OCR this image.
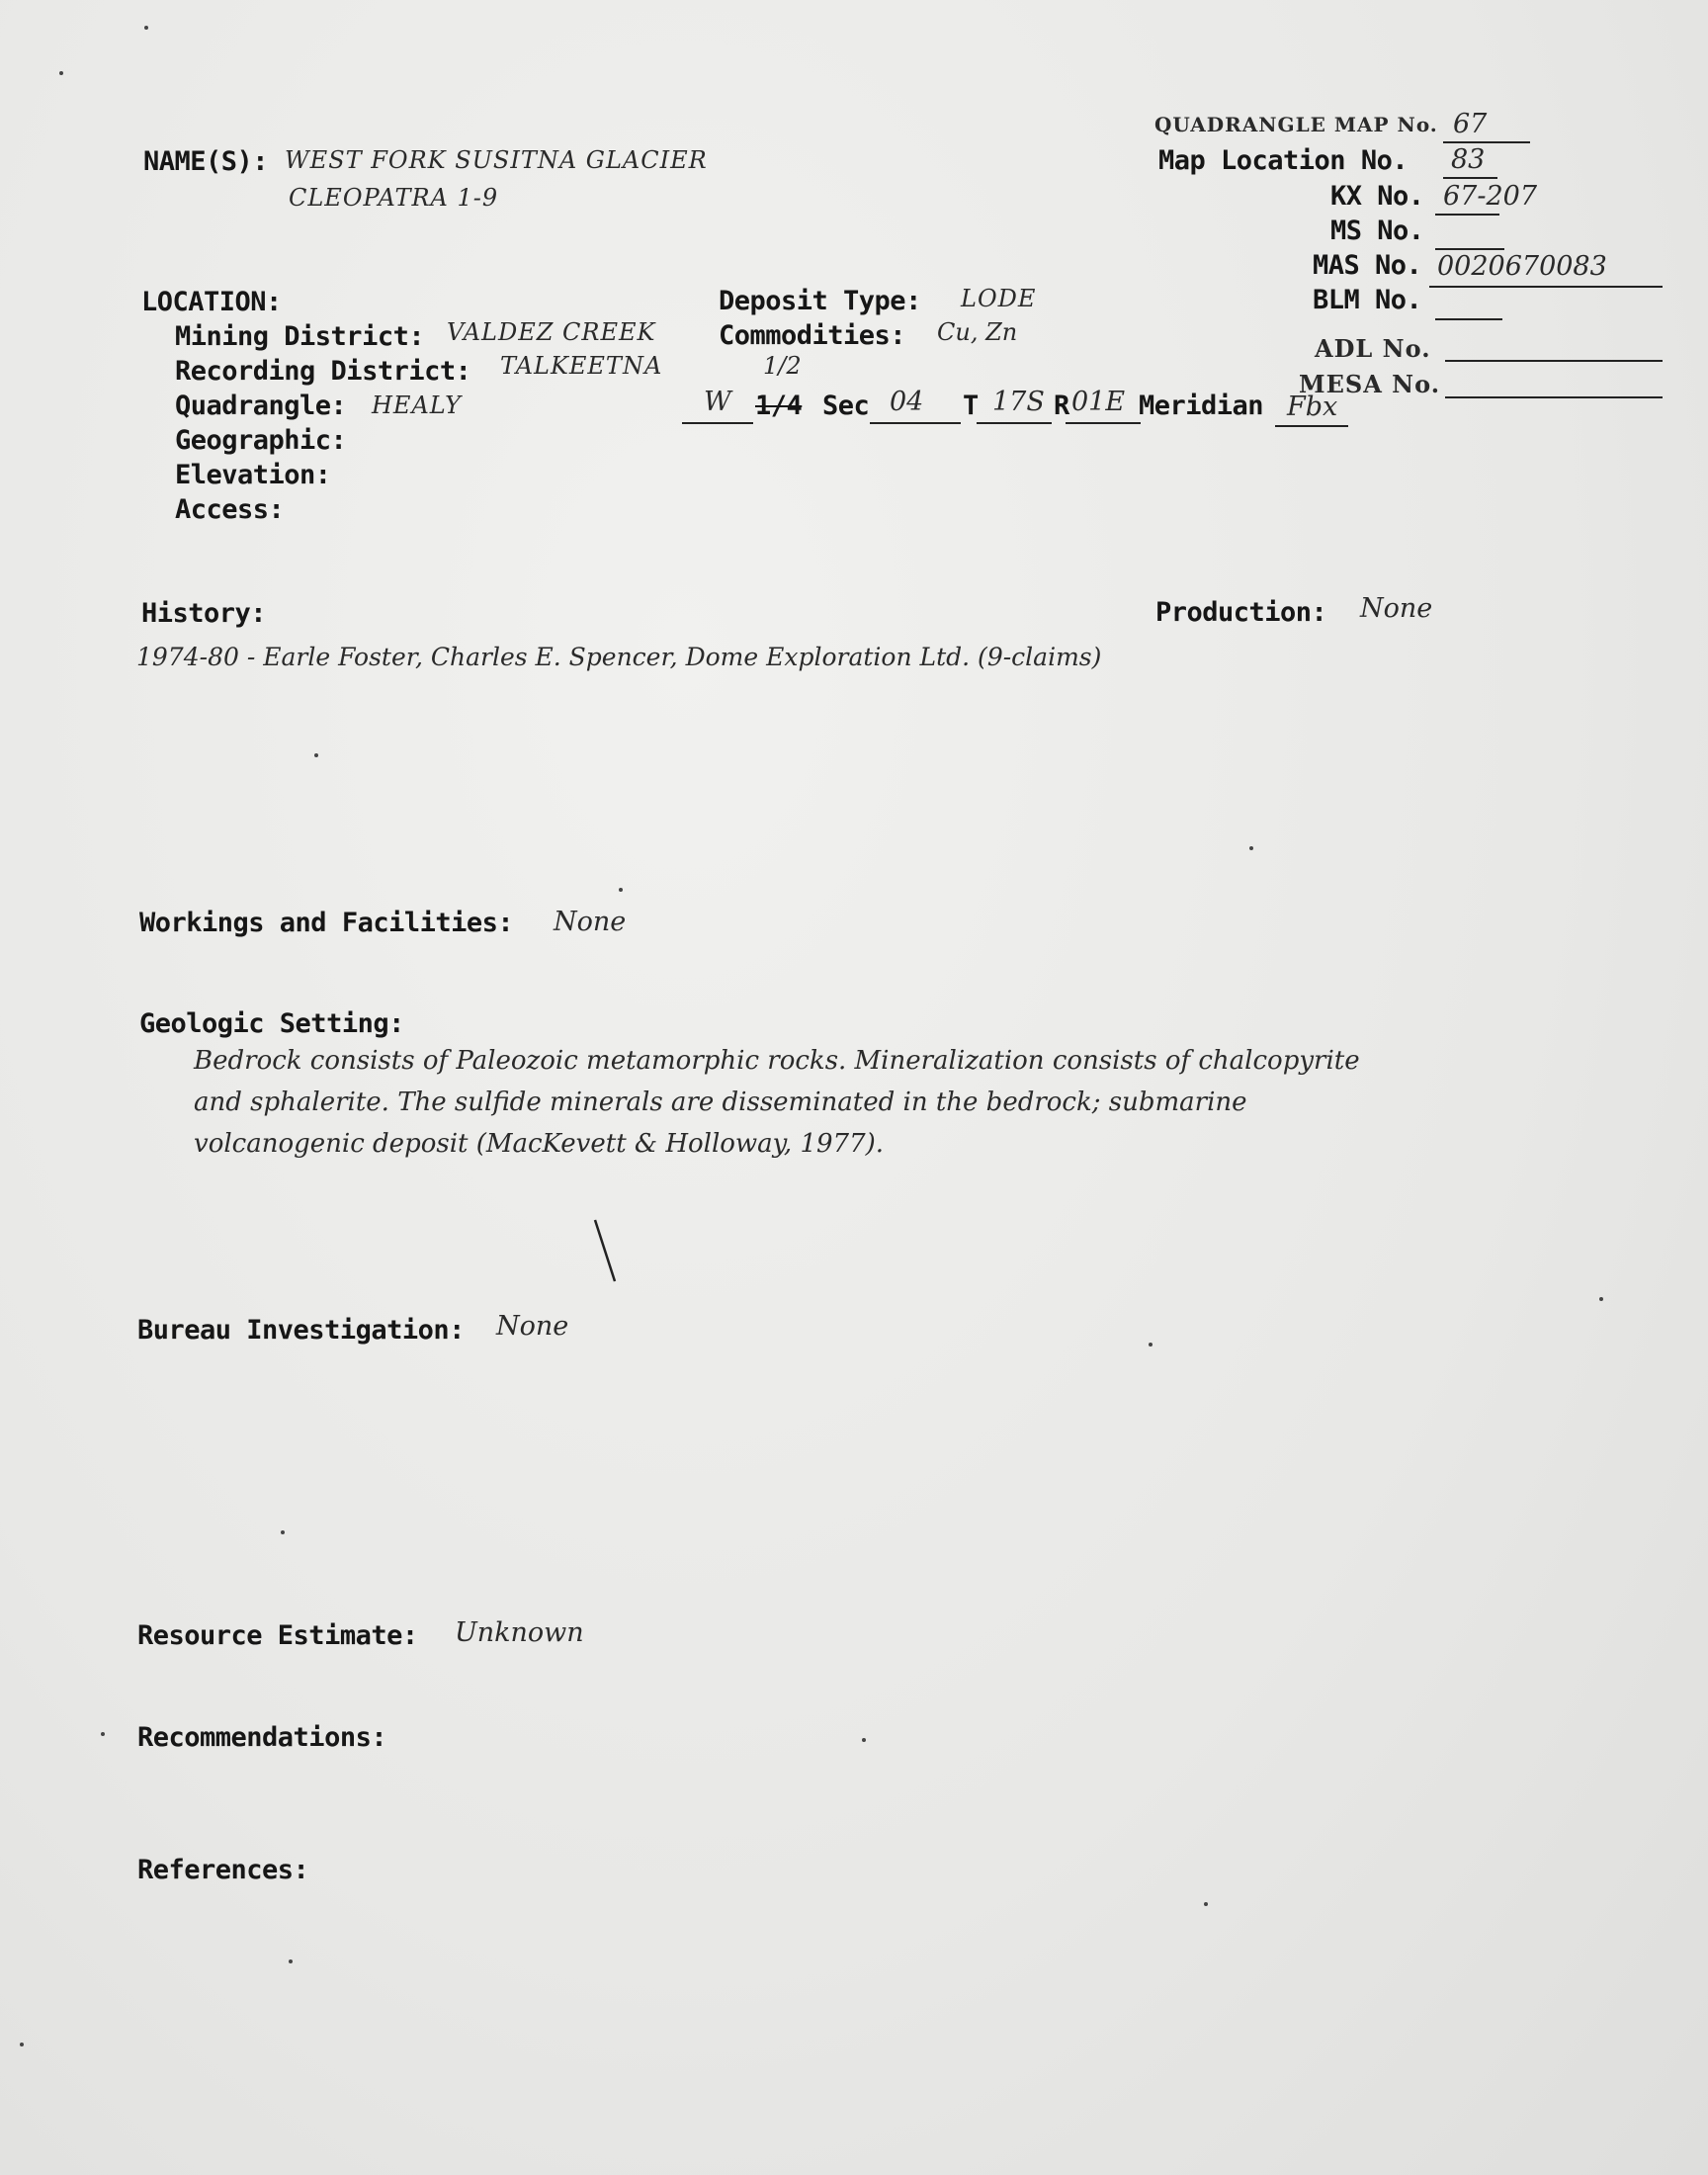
NAME(S): WEST FORK SUSITNA GLACIER
CLEOPATRA 1-9
QUADRANGLE MAP No. 67
Map Location No. 83
KX No. 67-207
MS No.
MAS No. 0020670083
BLM No.
ADL No.
MESA No.
LOCATION:
Mining District: VALDEZ CREEK
Recording District: TALKEETNA
Quadrangle: HEALY
Geographic:
Elevation:
Access:
Deposit Type: LODE
Commodities: Cu, Zn
1/2
W 1/4 Sec 04 T 17S R 01E Meridian Fbx
History:
1974-80 - Earle Foster, Charles E. Spencer, Dome Exploration Ltd. (9-claims)
Production: None
Workings and Facilities: None
Geologic Setting:
Bedrock consists of Paleozoic metamorphic rocks. Mineralization consists of chalcopyrite
and sphalerite. The sulfide minerals are disseminated in the bedrock; submarine
volcanogenic deposit (MacKevett & Holloway, 1977).
Bureau Investigation: None
Resource Estimate: Unknown
Recommendations:
References:
